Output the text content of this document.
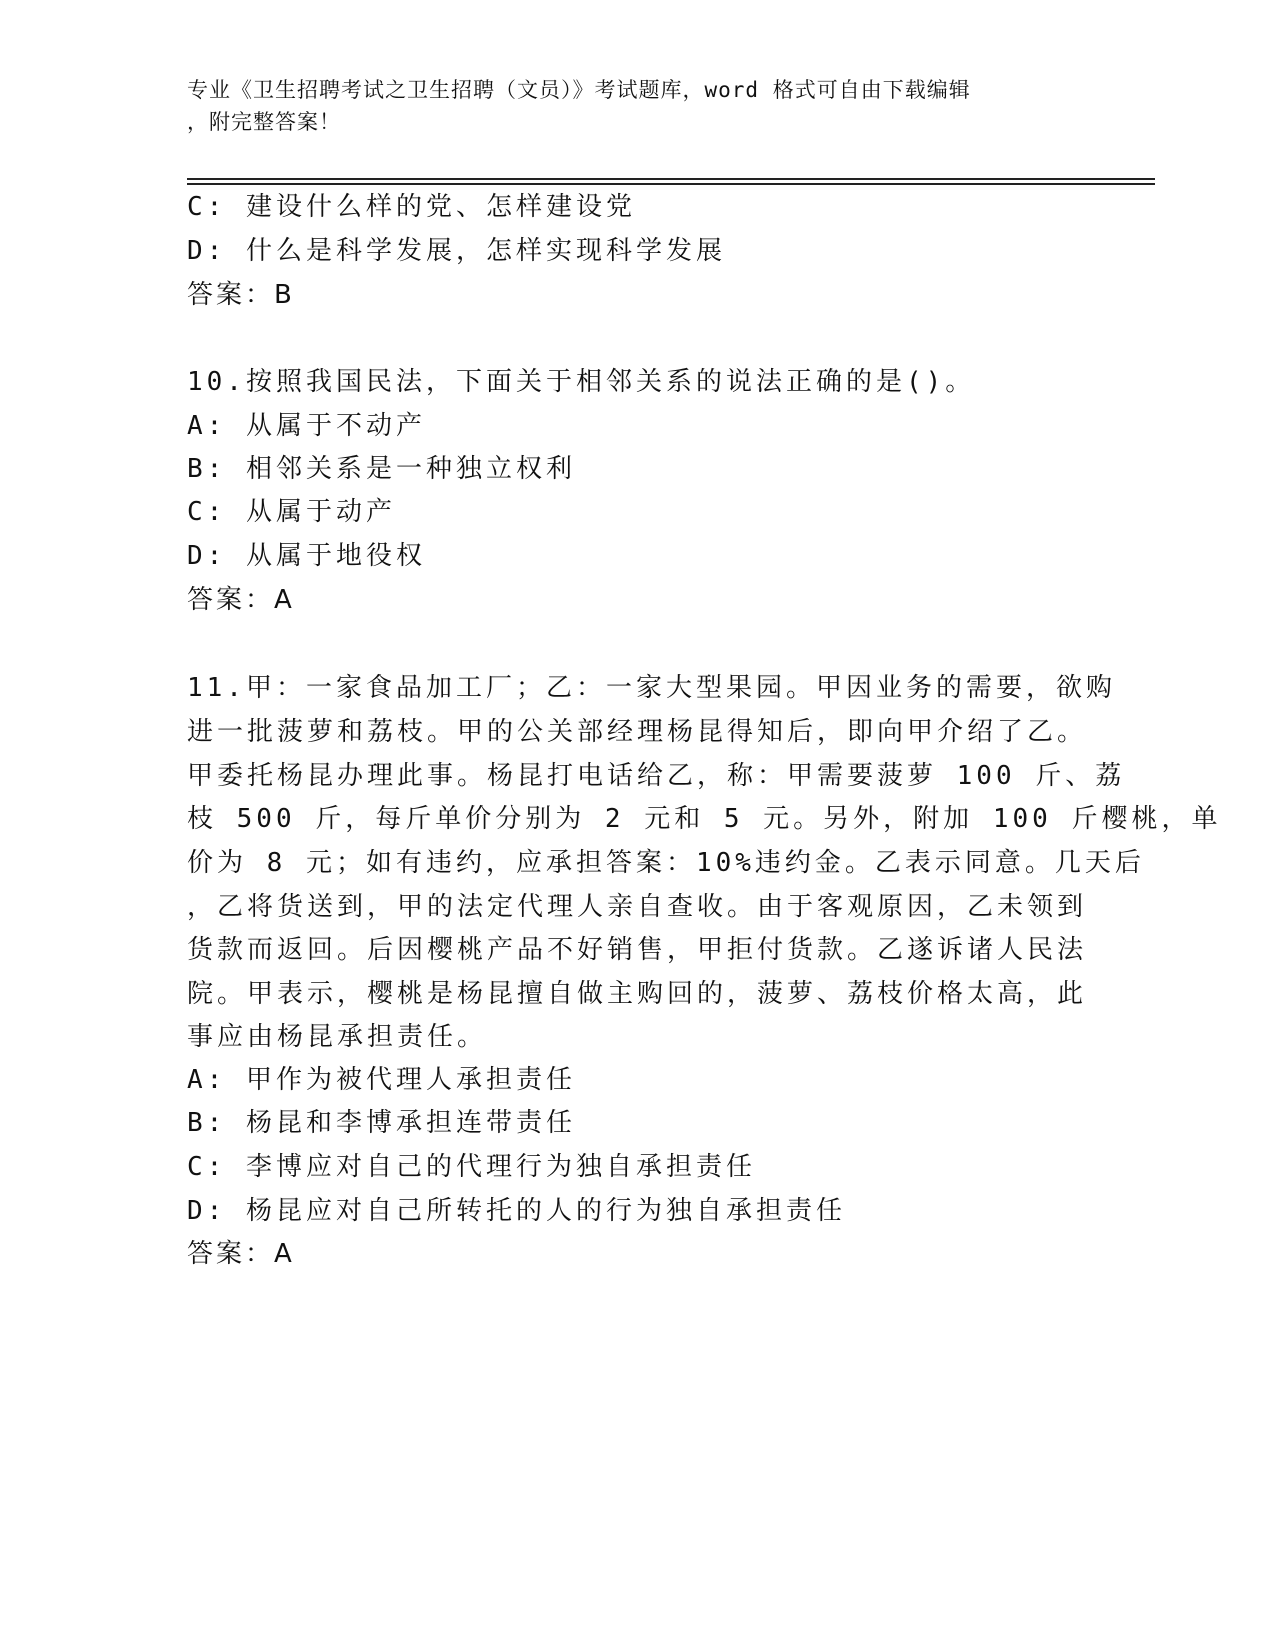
专业《卫生招聘考试之卫生招聘（文员）》考试题库，word 格式可自由下载编辑
，附完整答案！
C: 建设什么样的党、怎样建设党
D: 什么是科学发展，怎样实现科学发展
答案：B
10.按照我国民法，下面关于相邻关系的说法正确的是()。
A: 从属于不动产
B: 相邻关系是一种独立权利
C: 从属于动产
D: 从属于地役权
答案：A
11.甲：一家食品加工厂；乙：一家大型果园。甲因业务的需要，欲购
进一批菠萝和荔枝。甲的公关部经理杨昆得知后，即向甲介绍了乙。
甲委托杨昆办理此事。杨昆打电话给乙，称：甲需要菠萝 100 斤、荔
枝 500 斤，每斤单价分别为 2 元和 5 元。另外，附加 100 斤樱桃，单
价为 8 元；如有违约，应承担答案：10%违约金。乙表示同意。几天后
，乙将货送到，甲的法定代理人亲自查收。由于客观原因，乙未领到
货款而返回。后因樱桃产品不好销售，甲拒付货款。乙遂诉诸人民法
院。甲表示，樱桃是杨昆擅自做主购回的，菠萝、荔枝价格太高，此
事应由杨昆承担责任。
A: 甲作为被代理人承担责任
B: 杨昆和李博承担连带责任
C: 李博应对自己的代理行为独自承担责任
D: 杨昆应对自己所转托的人的行为独自承担责任
答案：A
